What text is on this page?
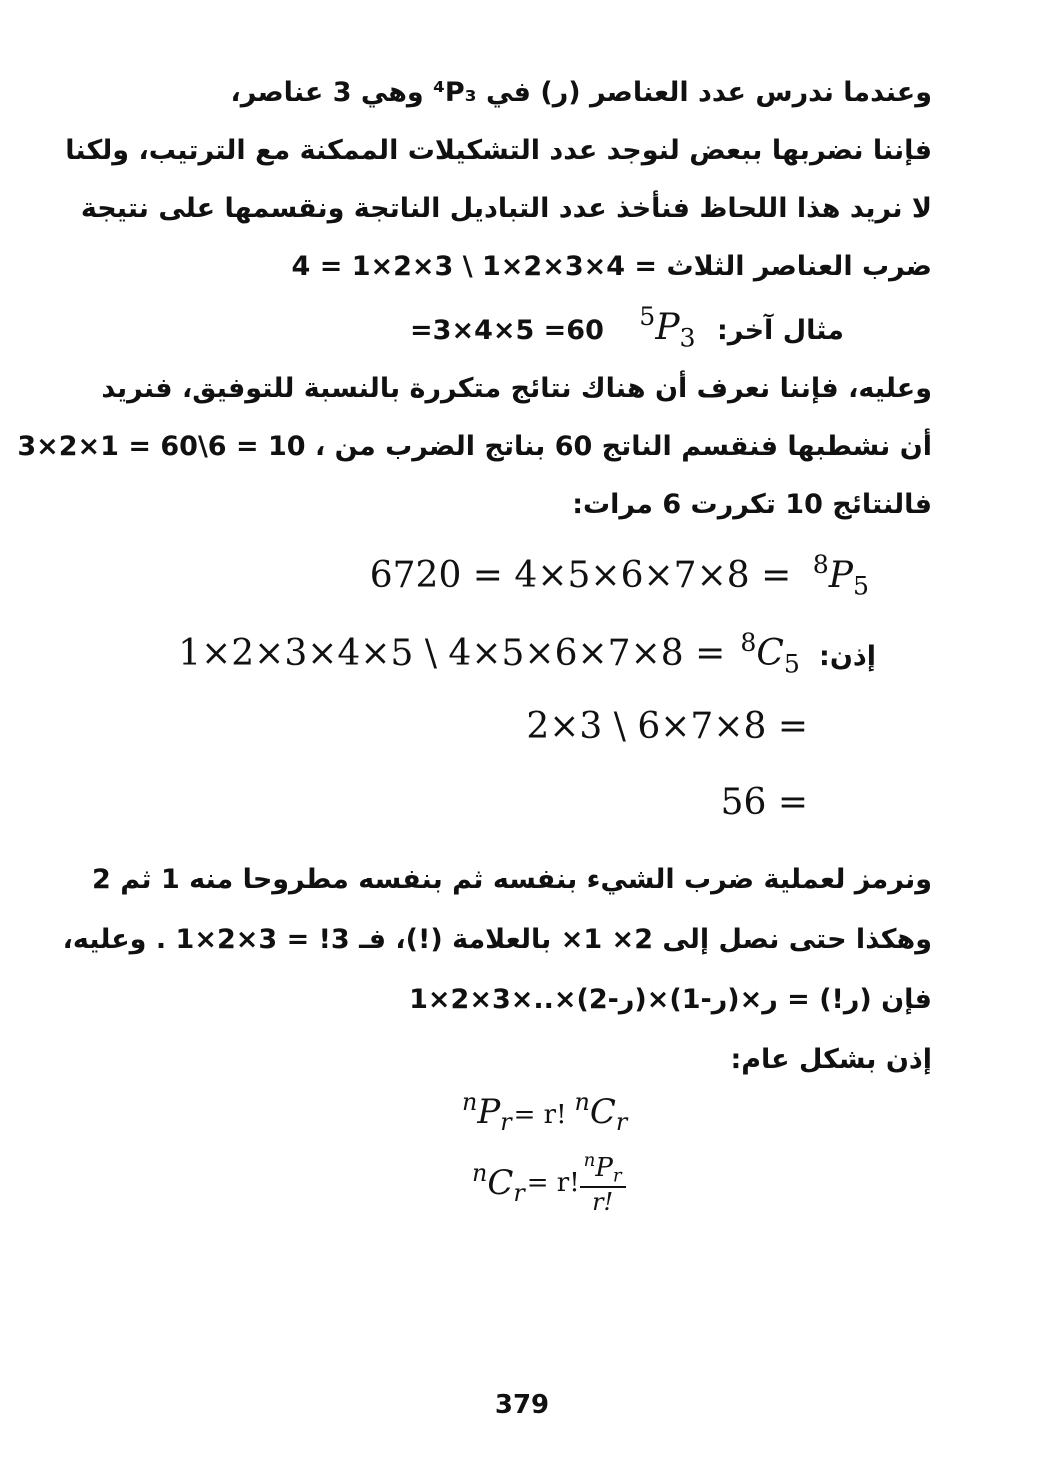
وعندما ندرس عدد العناصر (ر) في ⁴P₃ وهي 3 عناصر،
فإننا نضربها ببعض لنوجد عدد التشكيلات الممكنة مع الترتيب، ولكنا
لا نريد هذا اللحاظ فنأخذ عدد التباديل الناتجة ونقسمها على نتيجة
ضرب العناصر الثلاث = 4 = 1×2×3 \ 1×2×3×4
مثال آخر: =3×4×5 =60 $^5P_3$
وعليه، فإننا نعرف أن هناك نتائج متكررة بالنسبة للتوفيق، فنريد
أن نشطبها فنقسم الناتج 60 بناتج الضرب من 3×2×1 = 60\6 = 10 ،
فالنتائج 10 تكررت 6 مرات:
= 8×7×6×5×4 = 6720 $^8P_5$
إذن: $^8C_5 = 8\times 7\times 6\times 5\times 4$ \ 5×4×3×2×1
= 8×7×6 \ 3×2
= 56
ونرمز لعملية ضرب الشيء بنفسه ثم بنفسه مطروحا منه 1 ثم 2
وهكذا حتى نصل إلى 2× 1× بالعلامة (!)، فـ 3! = 3×2×1 . وعليه،
فإن (ر!) = ر×(ر-1)×(ر-2)×..×3×2×1
إذن بشكل عام:
$^nP_r= r$! $^nC_r$
$^nC_r= r$! $\frac{^nP_r}{r!}$
379
